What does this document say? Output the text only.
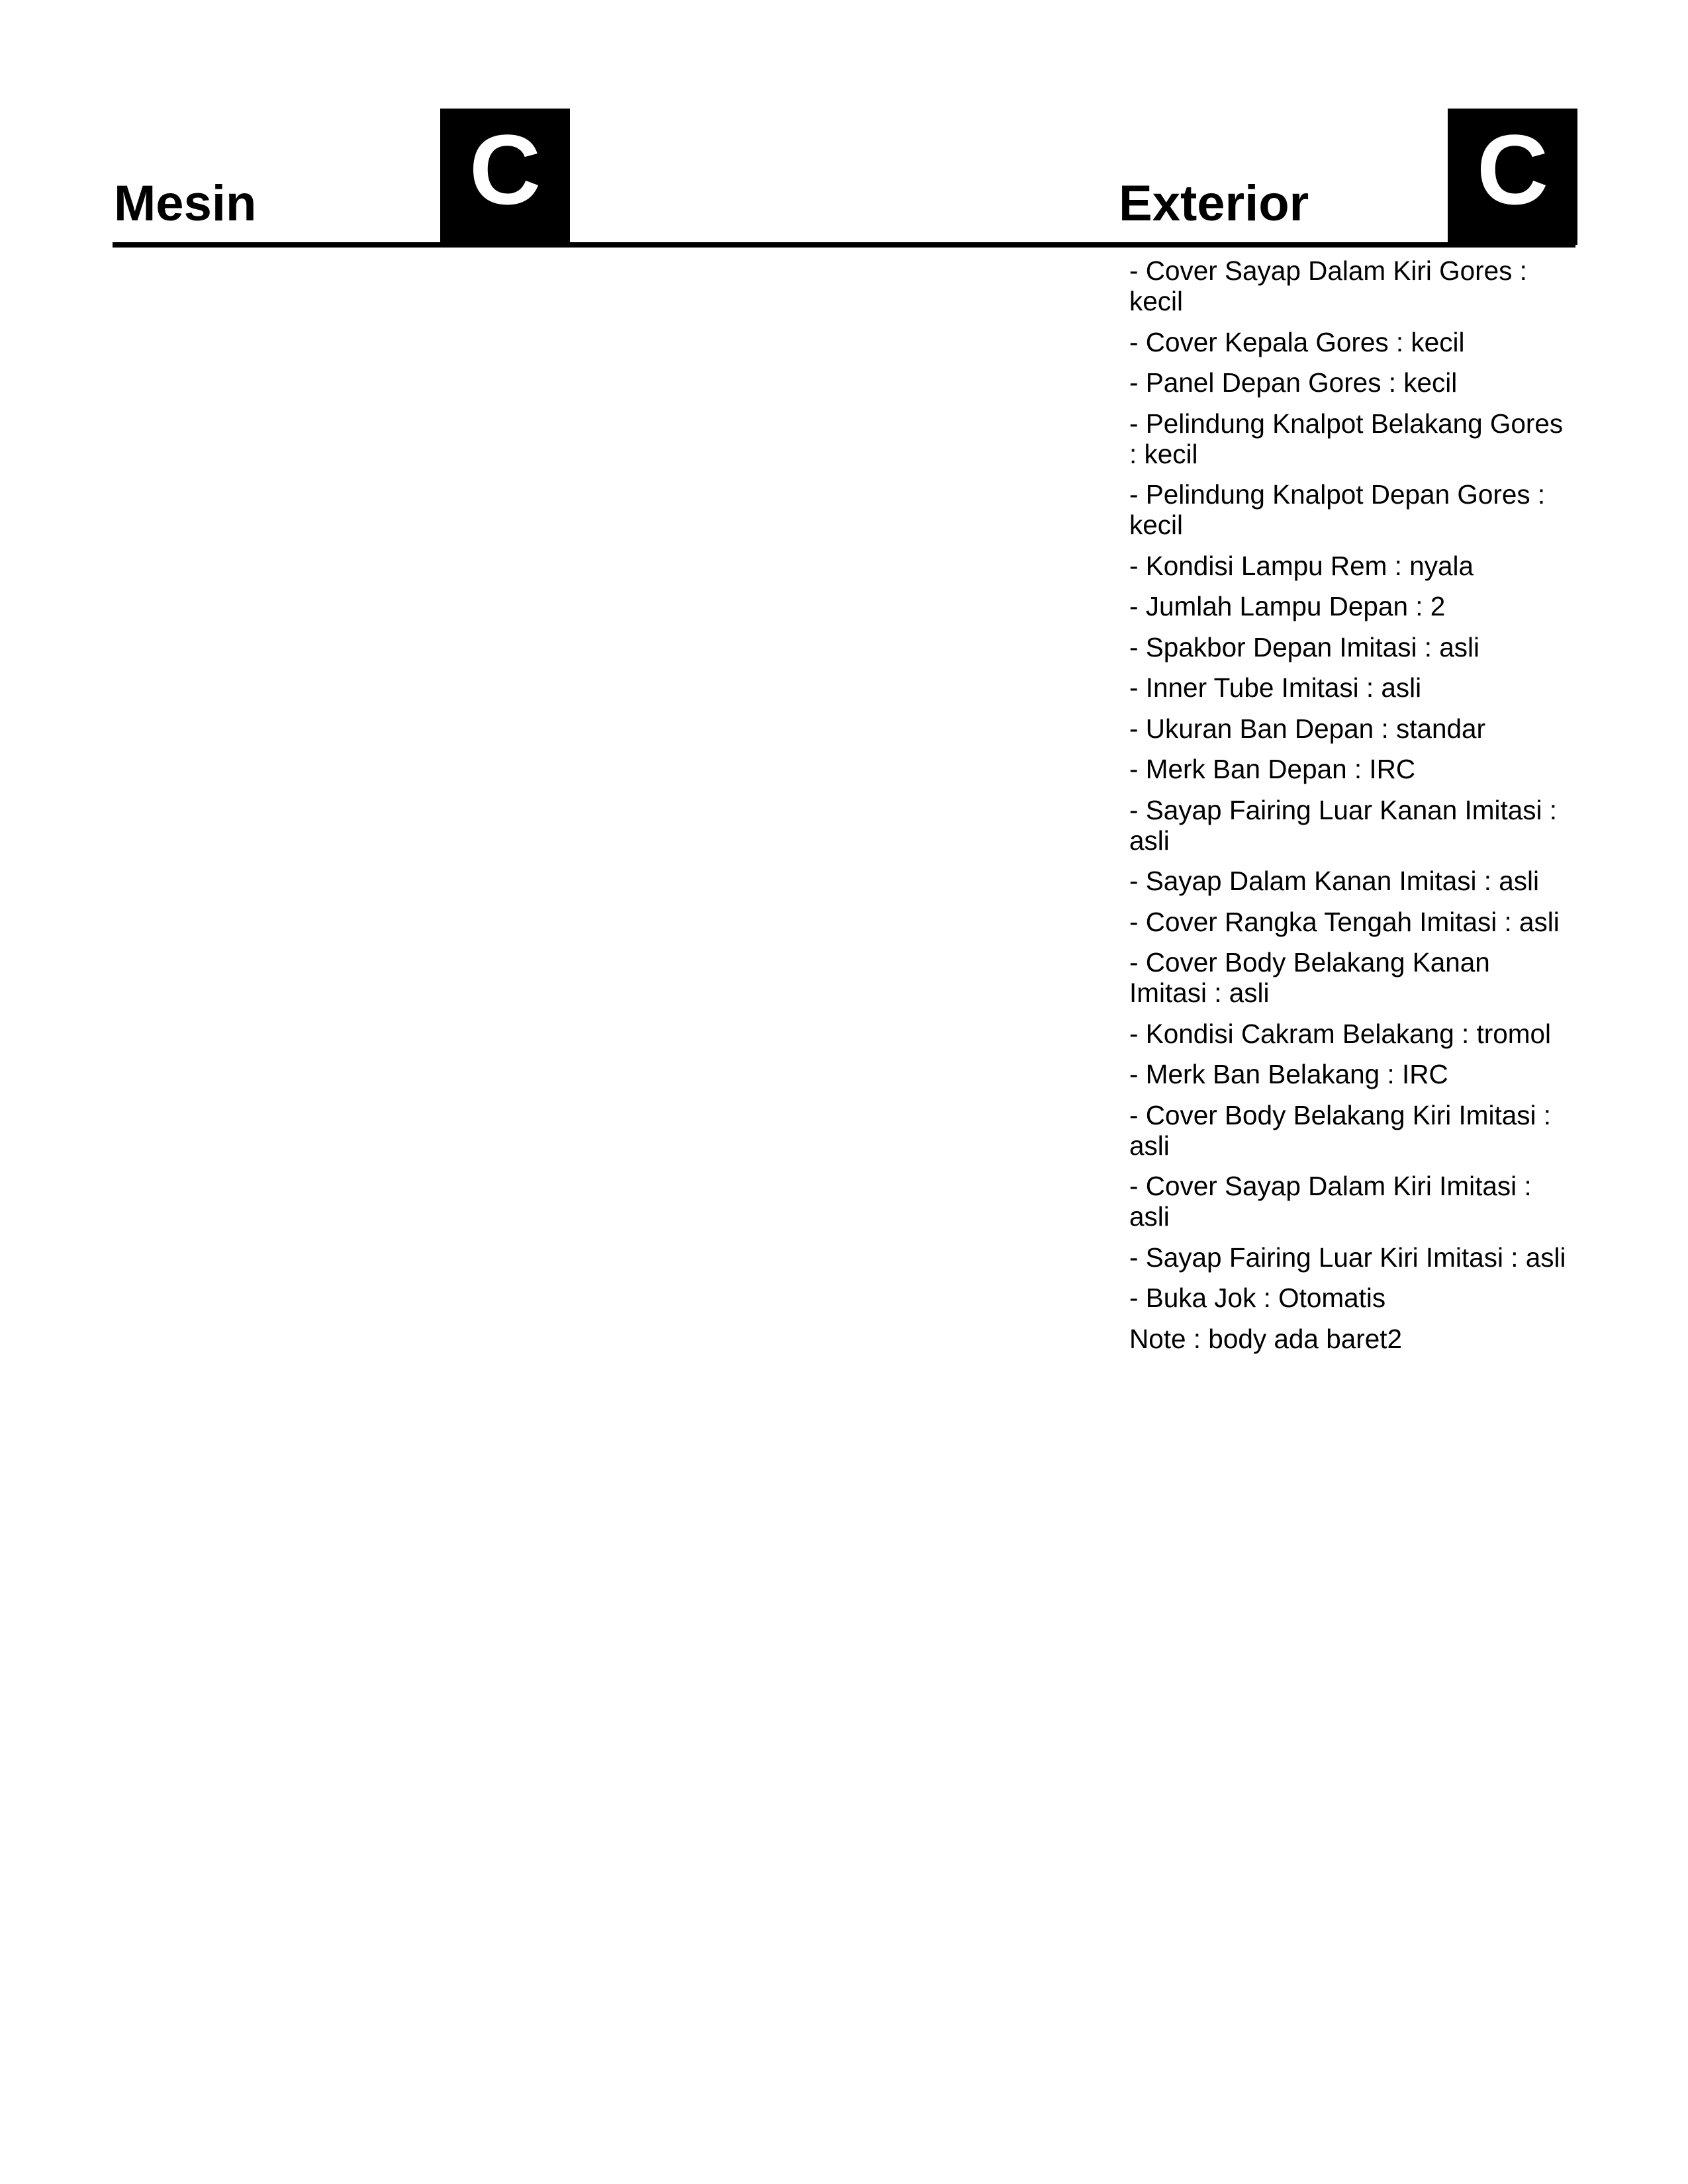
Mesin C	Exterior C
- Cover Sayap Dalam Kiri Gores : kecil
- Cover Kepala Gores : kecil
- Panel Depan Gores : kecil
- Pelindung Knalpot Belakang Gores : kecil
- Pelindung Knalpot Depan Gores : kecil
- Kondisi Lampu Rem : nyala
- Jumlah Lampu Depan : 2
- Spakbor Depan Imitasi : asli
- Inner Tube Imitasi : asli
- Ukuran Ban Depan : standar
- Merk Ban Depan : IRC
- Sayap Fairing Luar Kanan Imitasi : asli
- Sayap Dalam Kanan Imitasi : asli
- Cover Rangka Tengah Imitasi : asli
- Cover Body Belakang Kanan Imitasi : asli
- Kondisi Cakram Belakang : tromol
- Merk Ban Belakang : IRC
- Cover Body Belakang Kiri Imitasi : asli
- Cover Sayap Dalam Kiri Imitasi : asli
- Sayap Fairing Luar Kiri Imitasi : asli
- Buka Jok : Otomatis
Note : body ada baret2
